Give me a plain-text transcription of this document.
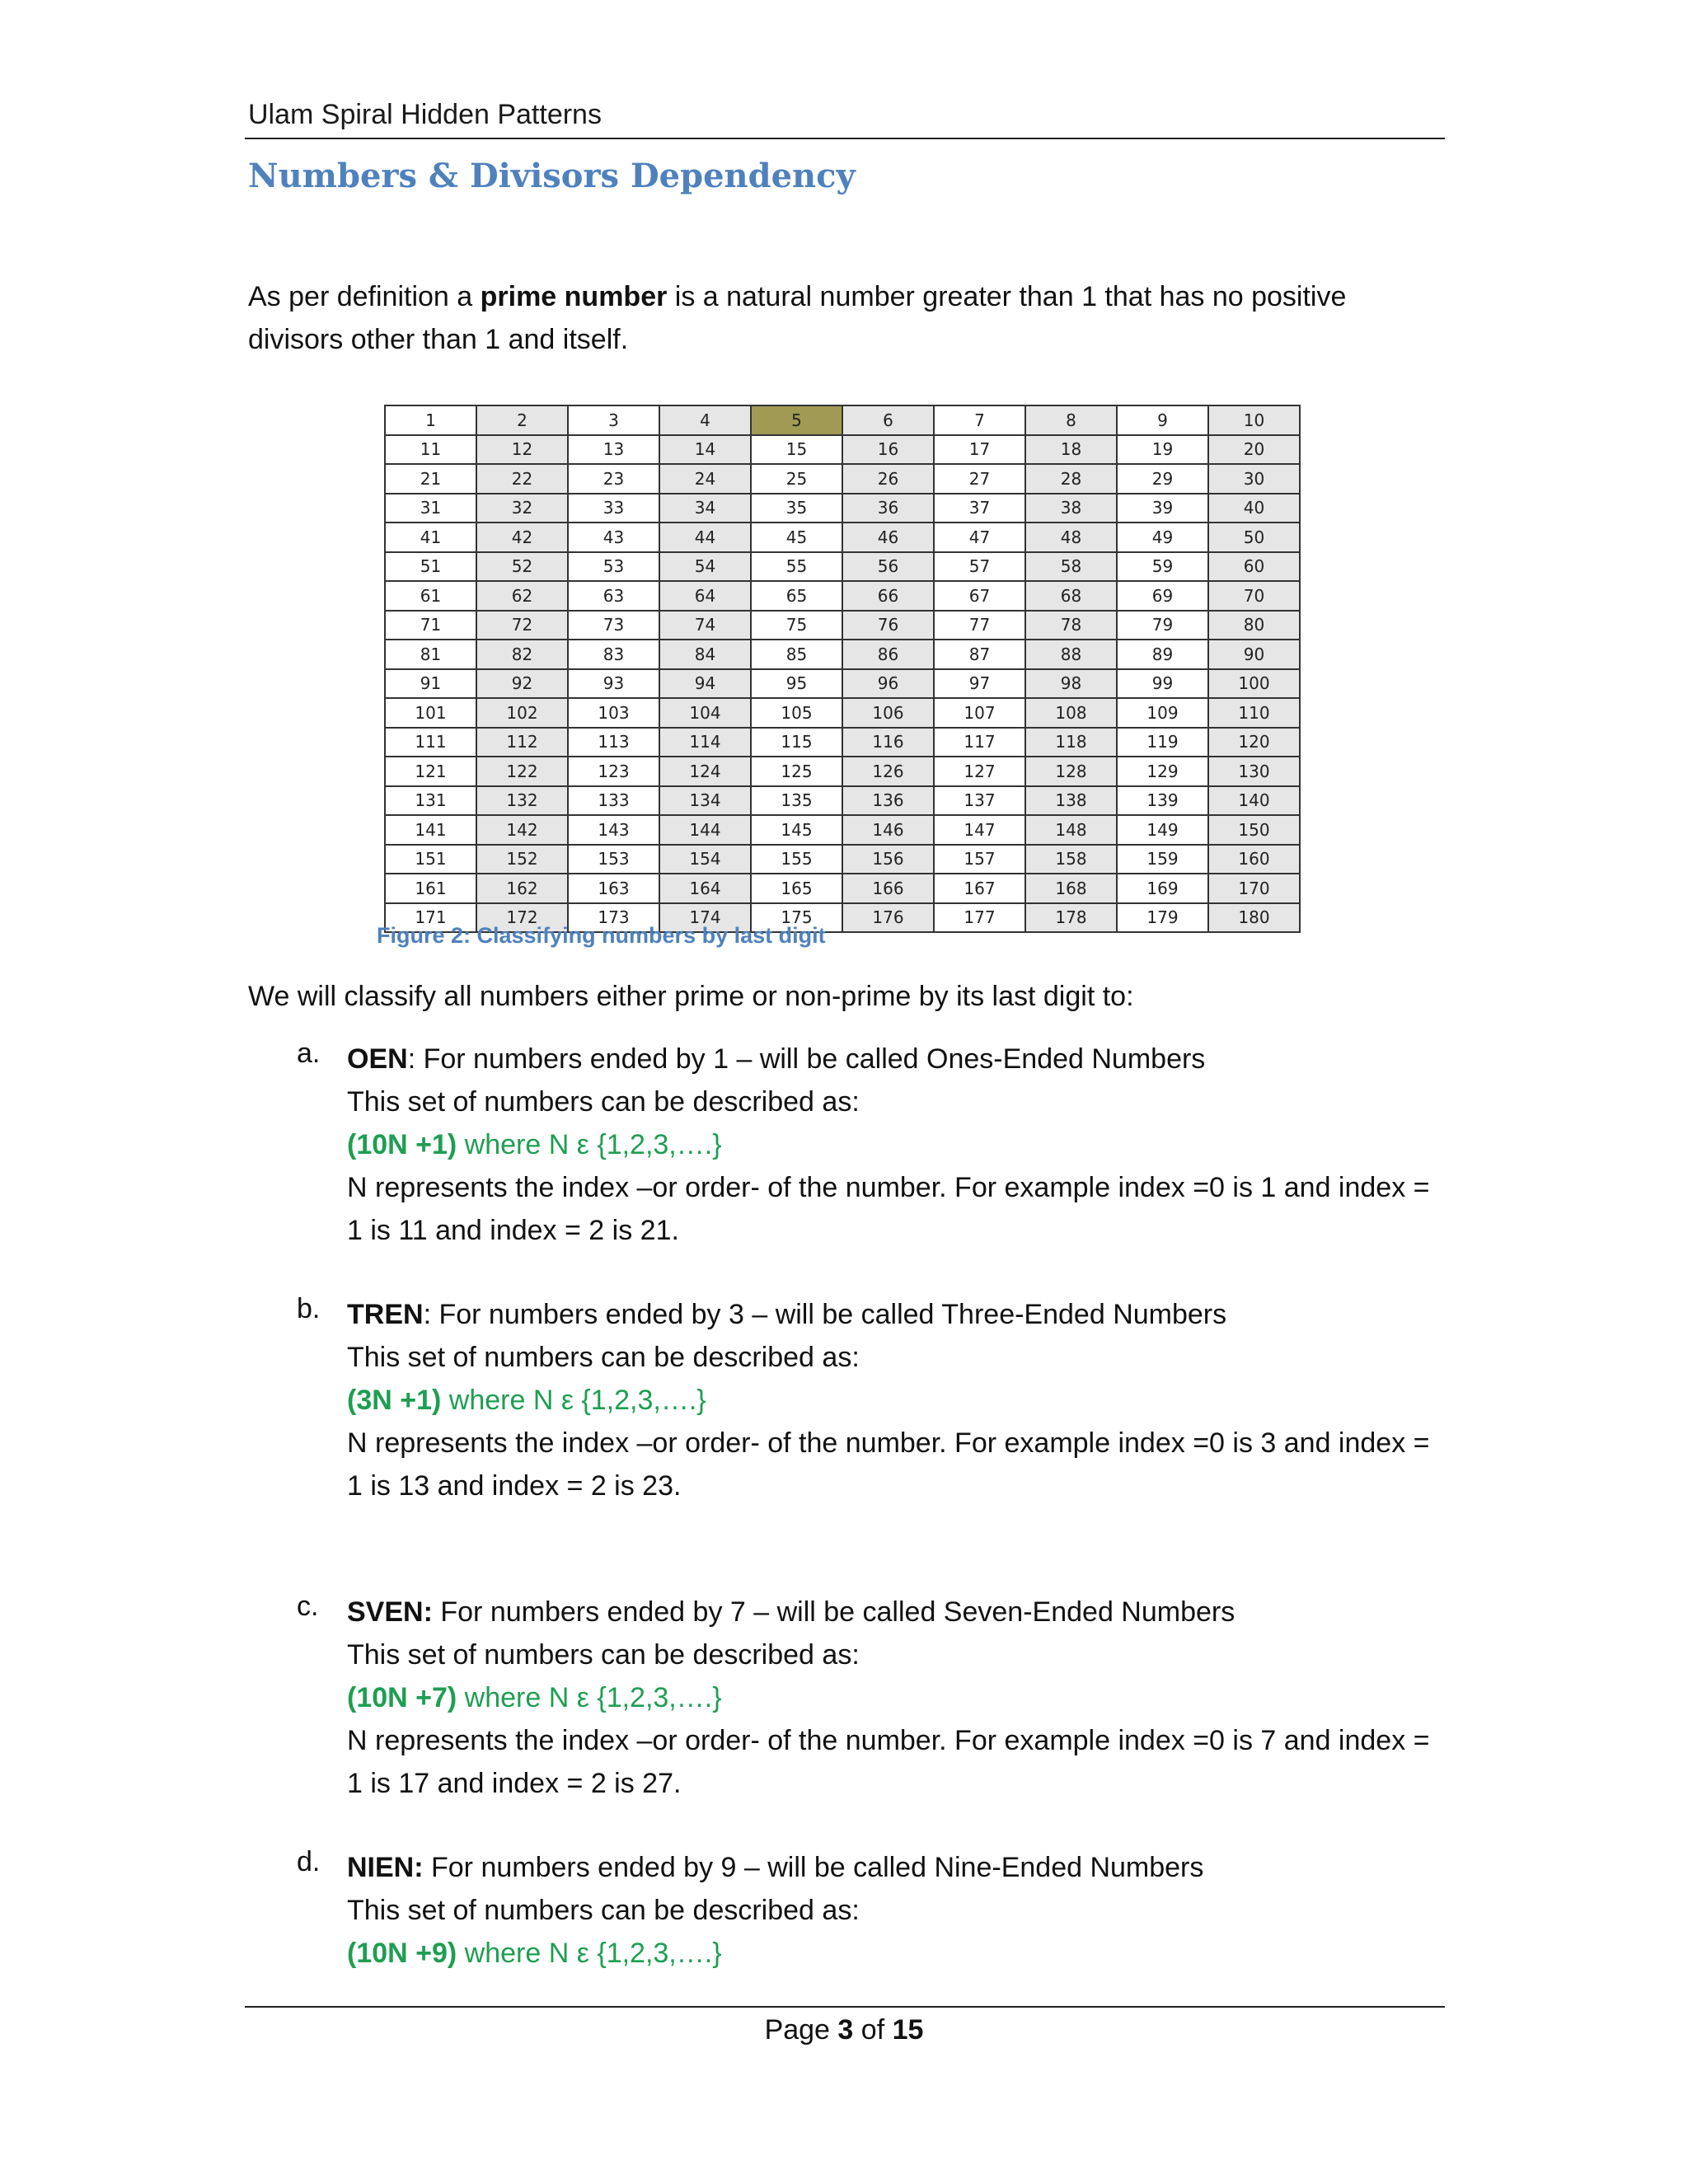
Ulam Spiral Hidden Patterns
Numbers & Divisors Dependency
As per definition a prime number is a natural number greater than 1 that has no positive divisors other than 1 and itself.
1	2	3	4	5	6	7	8	9	10
11	12	13	14	15	16	17	18	19	20
21	22	23	24	25	26	27	28	29	30
31	32	33	34	35	36	37	38	39	40
41	42	43	44	45	46	47	48	49	50
51	52	53	54	55	56	57	58	59	60
61	62	63	64	65	66	67	68	69	70
71	72	73	74	75	76	77	78	79	80
81	82	83	84	85	86	87	88	89	90
91	92	93	94	95	96	97	98	99	100
101	102	103	104	105	106	107	108	109	110
111	112	113	114	115	116	117	118	119	120
121	122	123	124	125	126	127	128	129	130
131	132	133	134	135	136	137	138	139	140
141	142	143	144	145	146	147	148	149	150
151	152	153	154	155	156	157	158	159	160
161	162	163	164	165	166	167	168	169	170
171	172	173	174	175	176	177	178	179	180
Figure 2: Classifying numbers by last digit
We will classify all numbers either prime or non-prime by its last digit to:
a. OEN: For numbers ended by 1 – will be called Ones-Ended Numbers
This set of numbers can be described as:
(10N +1) where N ε {1,2,3,….}
N represents the index –or order- of the number. For example index =0 is 1 and index = 1 is 11 and index = 2 is 21.
b. TREN: For numbers ended by 3 – will be called Three-Ended Numbers
This set of numbers can be described as:
(3N +1) where N ε {1,2,3,….}
N represents the index –or order- of the number. For example index =0 is 3 and index = 1 is 13 and index = 2 is 23.
c.	SVEN: For numbers ended by 7 – will be called Seven-Ended Numbers
This set of numbers can be described as:
(10N +7) where N ε {1,2,3,….}
N represents the index –or order- of the number. For example index =0 is 7 and index = 1 is 17 and index = 2 is 27.
d. NIEN: For numbers ended by 9 – will be called Nine-Ended Numbers
This set of numbers can be described as:
(10N +9) where N ε {1,2,3,….}
Page 3 of 15
